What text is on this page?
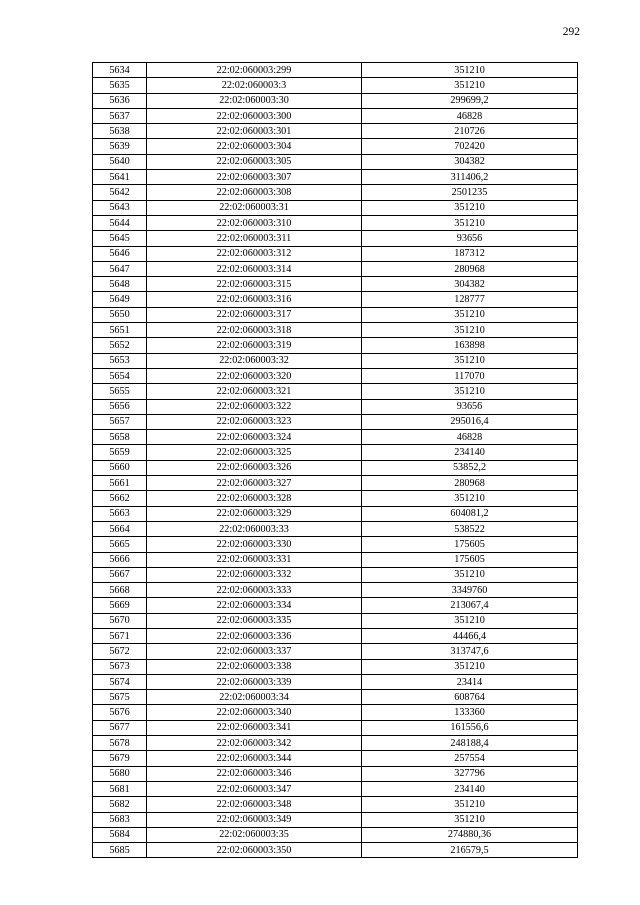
292
5634	22:02:060003:299	351210
5635	22:02:060003:3	351210
5636	22:02:060003:30	299699,2
5637	22:02:060003:300	46828
5638	22:02:060003:301	210726
5639	22:02:060003:304	702420
5640	22:02:060003:305	304382
5641	22:02:060003:307	311406,2
5642	22:02:060003:308	2501235
5643	22:02:060003:31	351210
5644	22:02:060003:310	351210
5645	22:02:060003:311	93656
5646	22:02:060003:312	187312
5647	22:02:060003:314	280968
5648	22:02:060003:315	304382
5649	22:02:060003:316	128777
5650	22:02:060003:317	351210
5651	22:02:060003:318	351210
5652	22:02:060003:319	163898
5653	22:02:060003:32	351210
5654	22:02:060003:320	117070
5655	22:02:060003:321	351210
5656	22:02:060003:322	93656
5657	22:02:060003:323	295016,4
5658	22:02:060003:324	46828
5659	22:02:060003:325	234140
5660	22:02:060003:326	53852,2
5661	22:02:060003:327	280968
5662	22:02:060003:328	351210
5663	22:02:060003:329	604081,2
5664	22:02:060003:33	538522
5665	22:02:060003:330	175605
5666	22:02:060003:331	175605
5667	22:02:060003:332	351210
5668	22:02:060003:333	3349760
5669	22:02:060003:334	213067,4
5670	22:02:060003:335	351210
5671	22:02:060003:336	44466,4
5672	22:02:060003:337	313747,6
5673	22:02:060003:338	351210
5674	22:02:060003:339	23414
5675	22:02:060003:34	608764
5676	22:02:060003:340	133360
5677	22:02:060003:341	161556,6
5678	22:02:060003:342	248188,4
5679	22:02:060003:344	257554
5680	22:02:060003:346	327796
5681	22:02:060003:347	234140
5682	22:02:060003:348	351210
5683	22:02:060003:349	351210
5684	22:02:060003:35	274880,36
5685	22:02:060003:350	216579,5
